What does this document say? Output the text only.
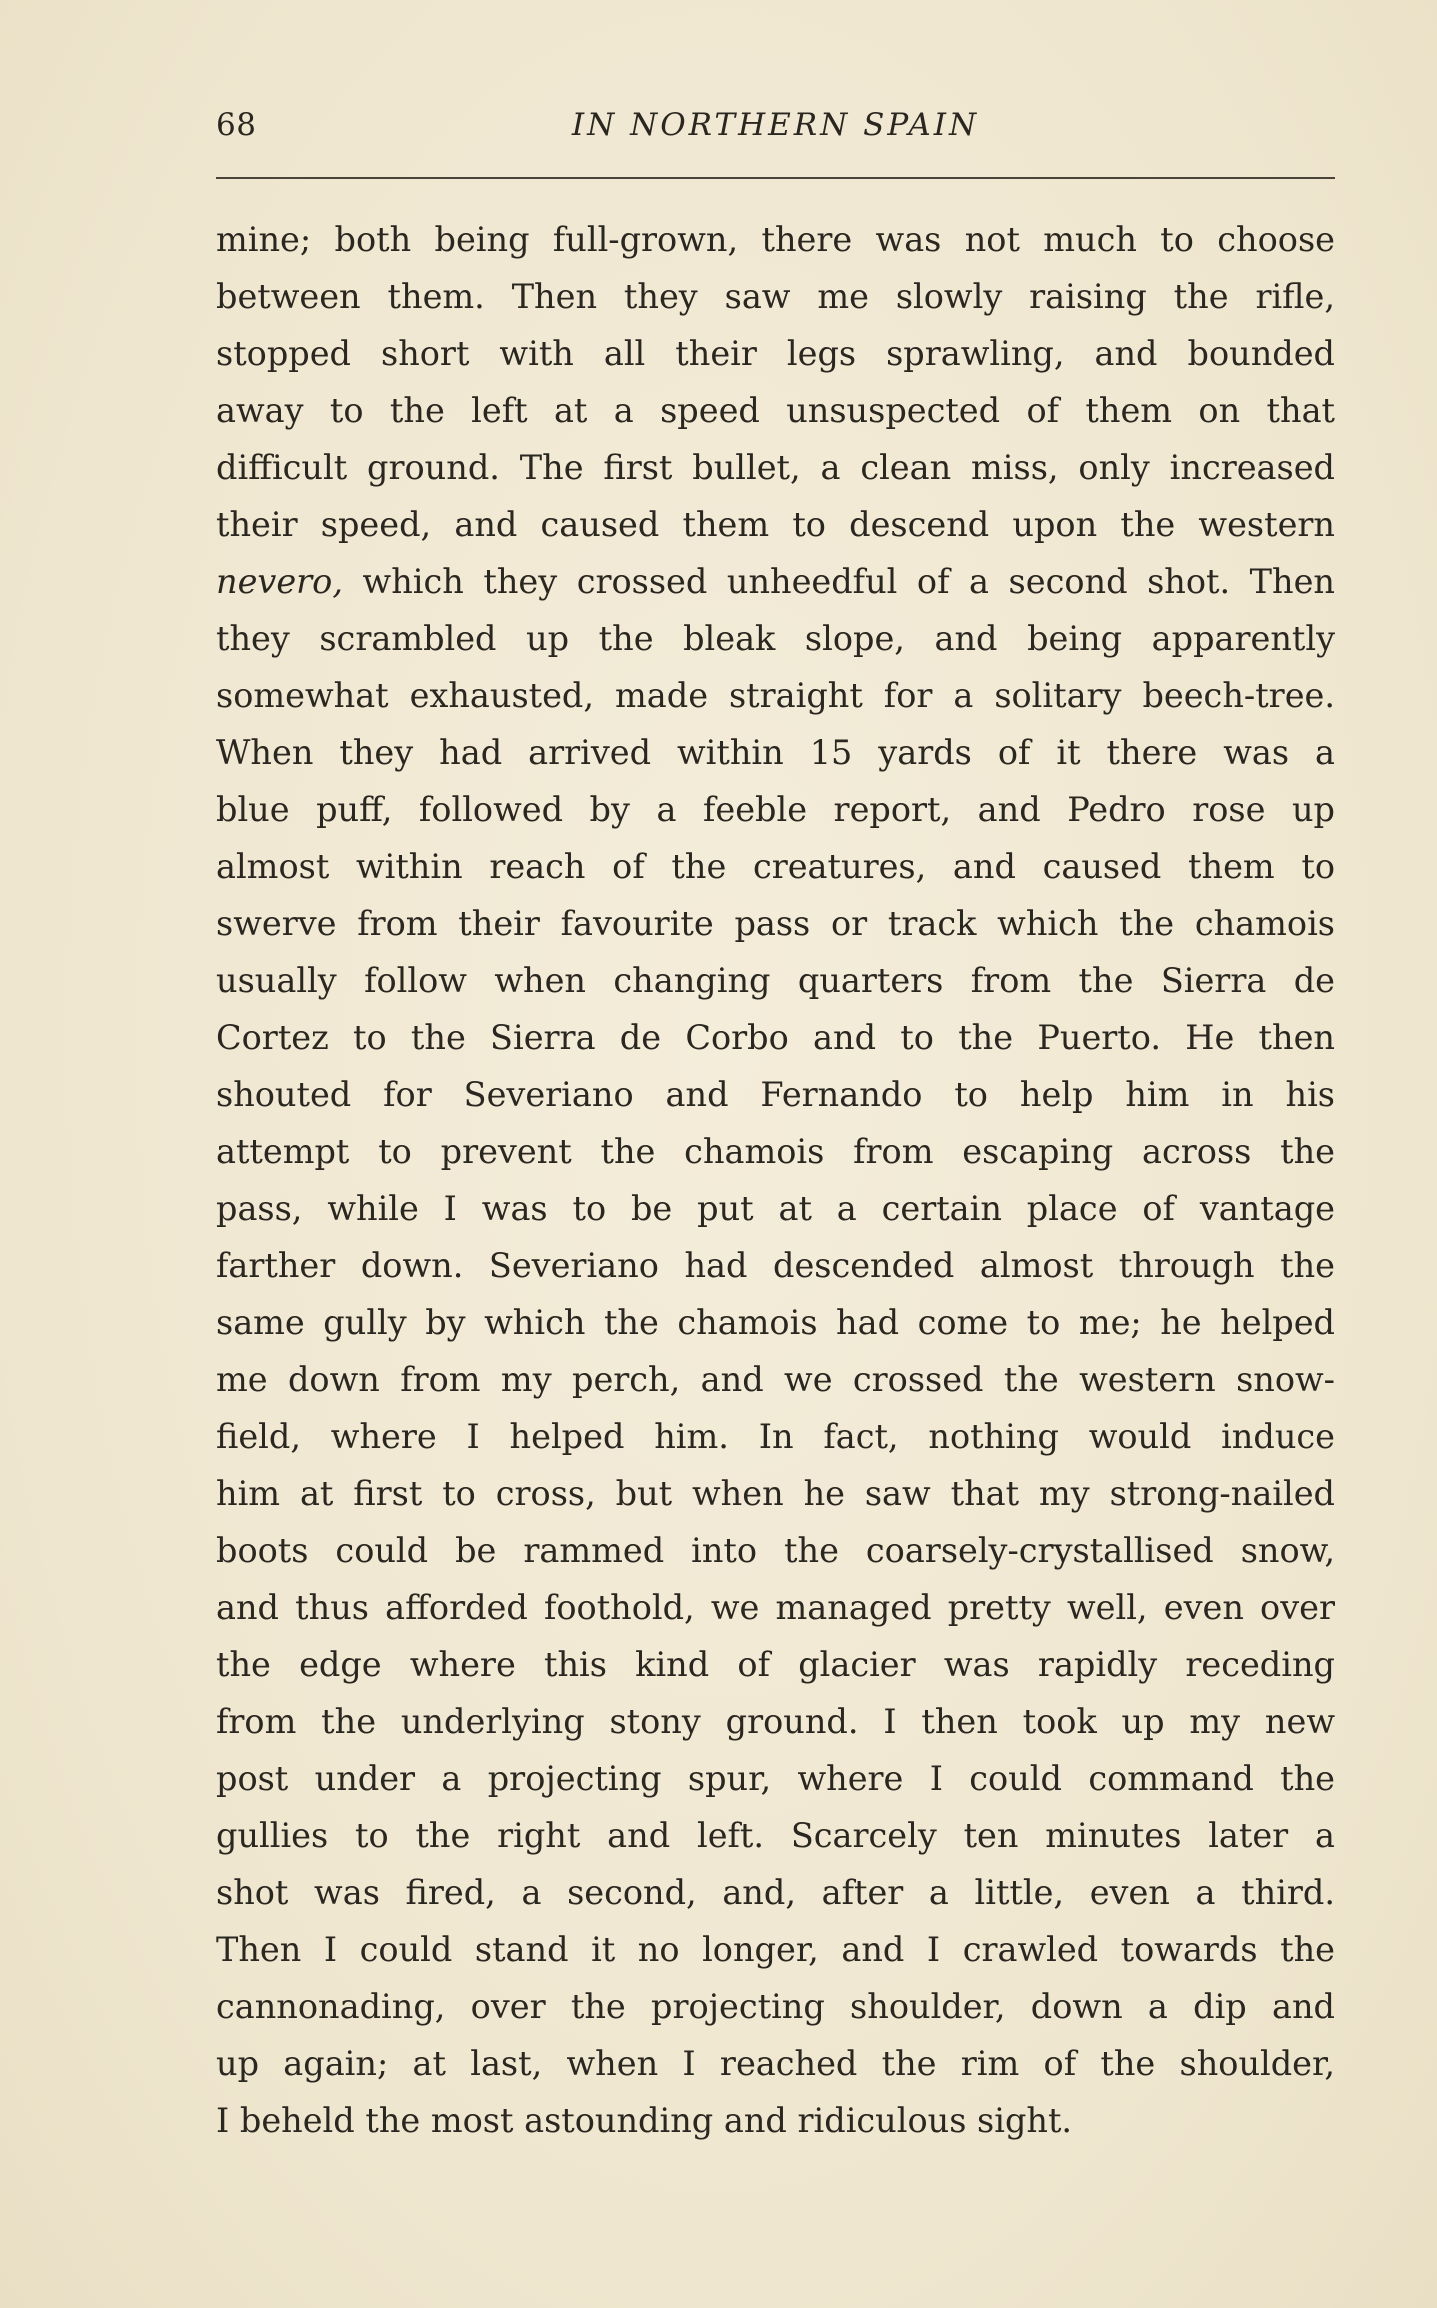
68	IN NORTHERN SPAIN
mine; both being full-grown, there was not much to choose
between them. Then they saw me slowly raising the rifle,
stopped short with all their legs sprawling, and bounded
away to the left at a speed unsuspected of them on that
difficult ground. The first bullet, a clean miss, only increased
their speed, and caused them to descend upon the western
nevero, which they crossed unheedful of a second shot. Then
they scrambled up the bleak slope, and being apparently
somewhat exhausted, made straight for a solitary beech-tree.
When they had arrived within 15 yards of it there was a
blue puff, followed by a feeble report, and Pedro rose up
almost within reach of the creatures, and caused them to
swerve from their favourite pass or track which the chamois
usually follow when changing quarters from the Sierra de
Cortez to the Sierra de Corbo and to the Puerto. He then
shouted for Severiano and Fernando to help him in his
attempt to prevent the chamois from escaping across the
pass, while I was to be put at a certain place of vantage
farther down. Severiano had descended almost through the
same gully by which the chamois had come to me; he helped
me down from my perch, and we crossed the western snow-
field, where I helped him. In fact, nothing would induce
him at first to cross, but when he saw that my strong-nailed
boots could be rammed into the coarsely-crystallised snow,
and thus afforded foothold, we managed pretty well, even over
the edge where this kind of glacier was rapidly receding
from the underlying stony ground. I then took up my new
post under a projecting spur, where I could command the
gullies to the right and left. Scarcely ten minutes later a
shot was fired, a second, and, after a little, even a third.
Then I could stand it no longer, and I crawled towards the
cannonading, over the projecting shoulder, down a dip and
up again; at last, when I reached the rim of the shoulder,
I beheld the most astounding and ridiculous sight.
